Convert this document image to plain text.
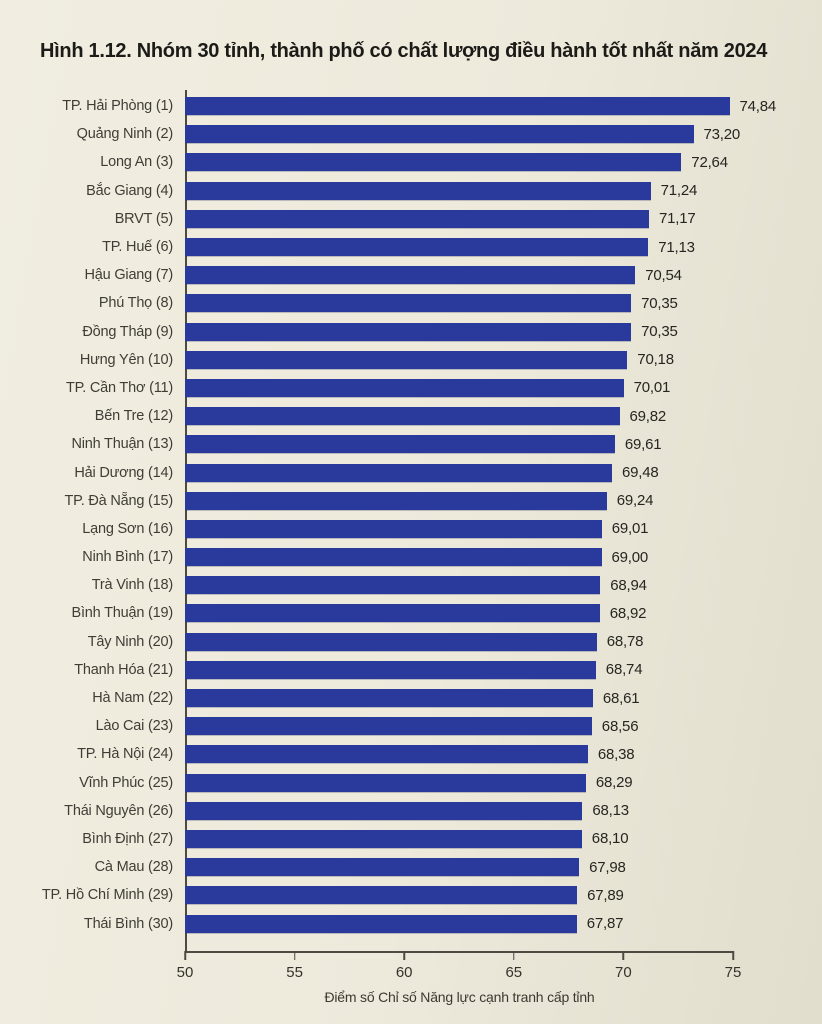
Hình 1.12. Nhóm 30 tỉnh, thành phố có chất lượng điều hành tốt nhất năm 2024
TP. Hải Phòng (1)	74,84
Quảng Ninh (2)	73,20
Long An (3)	72,64
Bắc Giang (4)	71,24
BRVT (5)	71,17
TP. Huế (6)	71,13
Hậu Giang (7)	70,54
Phú Thọ (8)	70,35
Đồng Tháp (9)	70,35
Hưng Yên (10)	70,18
TP. Cần Thơ (11)	70,01
Bến Tre (12)	69,82
Ninh Thuận (13)	69,61
Hải Dương (14)	69,48
TP. Đà Nẵng (15)	69,24
Lạng Sơn (16)	69,01
Ninh Bình (17)	69,00
Trà Vinh (18)	68,94
Bình Thuận (19)	68,92
Tây Ninh (20)	68,78
Thanh Hóa (21)	68,74
Hà Nam (22)	68,61
Lào Cai (23)	68,56
TP. Hà Nội (24)	68,38
Vĩnh Phúc (25)	68,29
Thái Nguyên (26)	68,13
Bình Định (27)	68,10
Cà Mau (28)	67,98
TP. Hồ Chí Minh (29)	67,89
Thái Bình (30)	67,87
50	55	60	65	70	75
Điểm số Chỉ số Năng lực cạnh tranh cấp tỉnh
